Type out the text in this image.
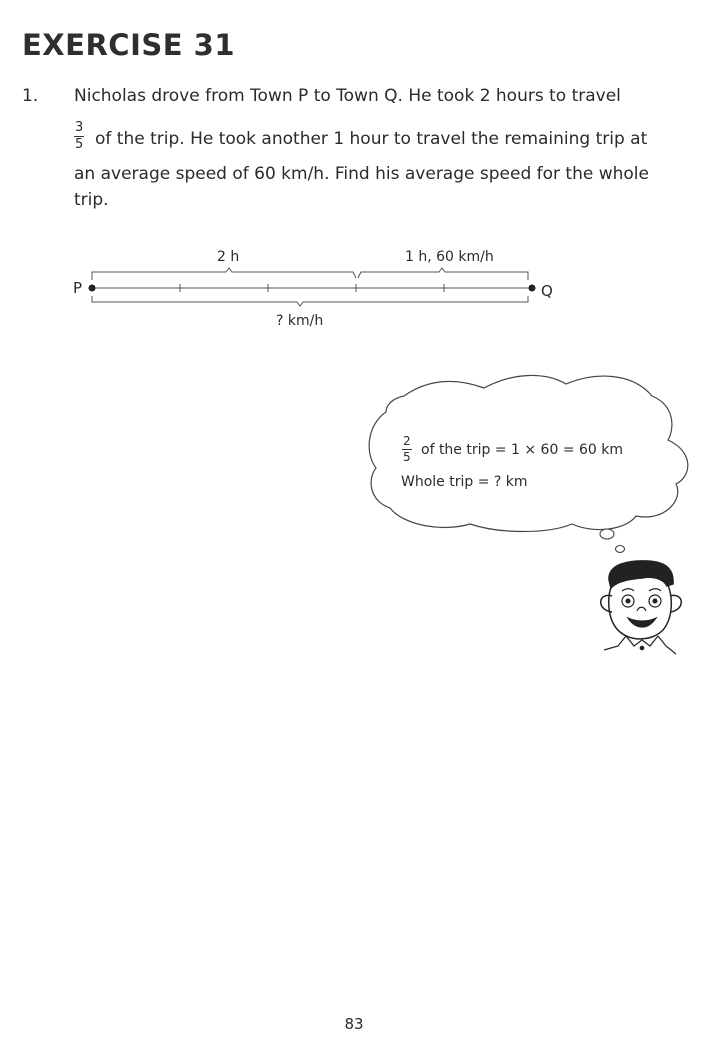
EXERCISE 31
1. Nicholas drove from Town P to Town Q. He took 2 hours to travel
$\frac{3}{5}$ of the trip. He took another 1 hour to travel the remaining trip at
an average speed of 60 km/h. Find his average speed for the whole
trip.
2 h	1 h, 60 km/h
P	Q
? km/h
$\frac{2}{5}$ of the trip = 1 × 60 = 60 km
Whole trip = ? km
83
